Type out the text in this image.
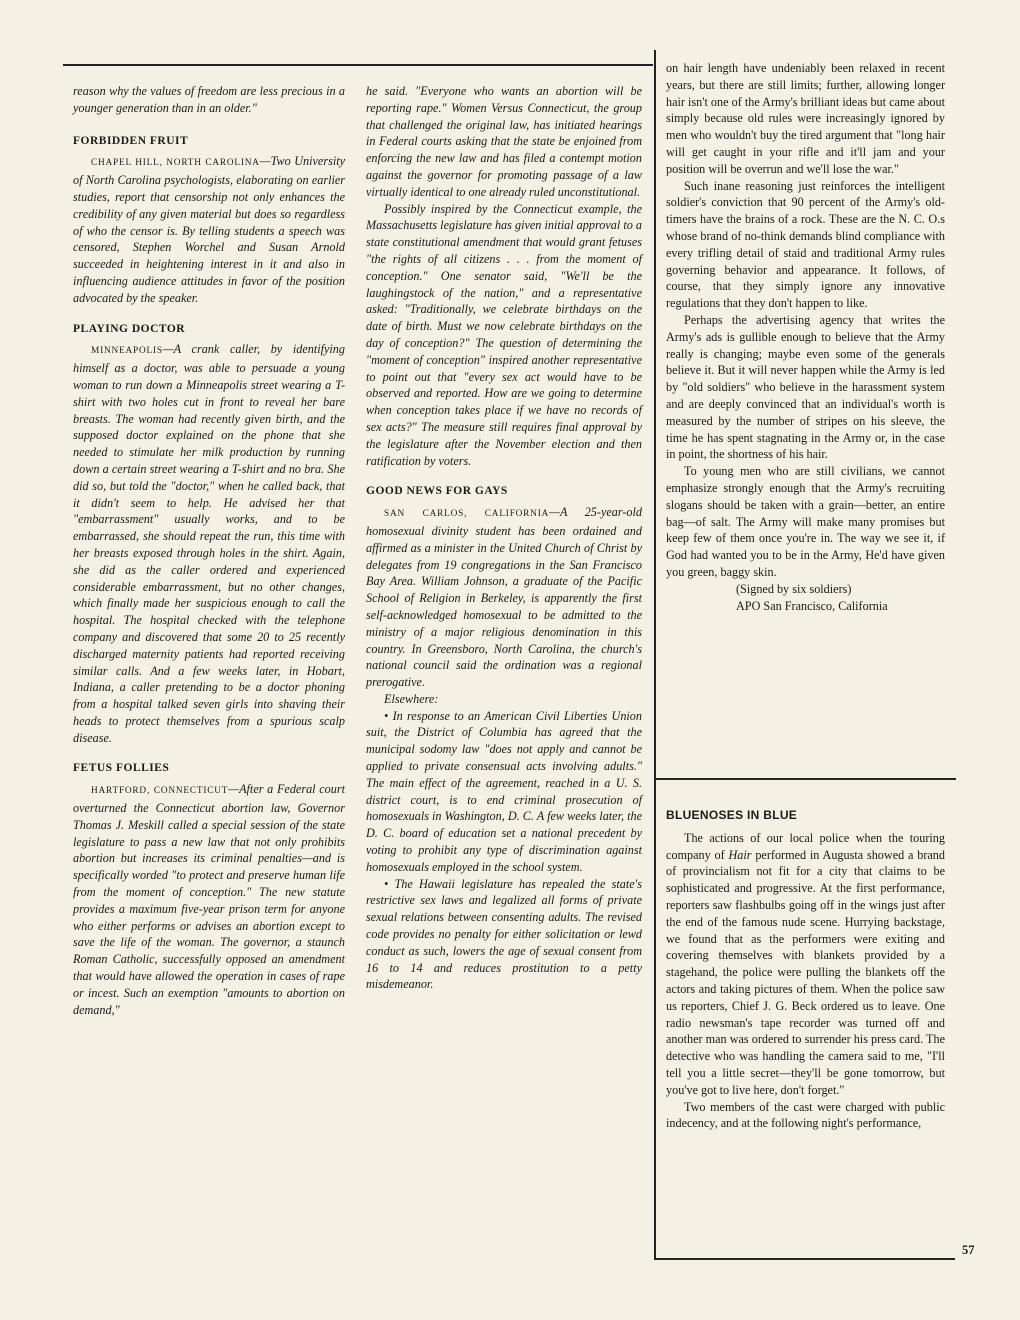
reason why the values of freedom are less precious in a younger generation than in an older."

FORBIDDEN FRUIT

CHAPEL HILL, NORTH CAROLINA—Two University of North Carolina psychologists, elaborating on earlier studies, report that censorship not only enhances the credibility of any given material but does so regardless of who the censor is. By telling students a speech was censored, Stephen Worchel and Susan Arnold succeeded in heightening interest in it and also in influencing audience attitudes in favor of the position advocated by the speaker.

PLAYING DOCTOR

MINNEAPOLIS—A crank caller, by identifying himself as a doctor, was able to persuade a young woman to run down a Minneapolis street wearing a T-shirt with two holes cut in front to reveal her bare breasts. The woman had recently given birth, and the supposed doctor explained on the phone that she needed to stimulate her milk production by running down a certain street wearing a T-shirt and no bra. She did so, but told the "doctor," when he called back, that it didn't seem to help. He advised her that "embarrassment" usually works, and to be embarrassed, she should repeat the run, this time with her breasts exposed through holes in the shirt. Again, she did as the caller ordered and experienced considerable embarrassment, but no other changes, which finally made her suspicious enough to call the hospital. The hospital checked with the telephone company and discovered that some 20 to 25 recently discharged maternity patients had reported receiving similar calls. And a few weeks later, in Hobart, Indiana, a caller pretending to be a doctor phoning from a hospital talked seven girls into shaving their heads to protect themselves from a spurious scalp disease.

FETUS FOLLIES

HARTFORD, CONNECTICUT—After a Federal court overturned the Connecticut abortion law, Governor Thomas J. Meskill called a special session of the state legislature to pass a new law that not only prohibits abortion but increases its criminal penalties—and is specifically worded "to protect and preserve human life from the moment of conception." The new statute provides a maximum five-year prison term for anyone who either performs or advises an abortion except to save the life of the woman. The governor, a staunch Roman Catholic, successfully opposed an amendment that would have allowed the operation in cases of rape or incest. Such an exemption "amounts to abortion on demand,"

he said. "Everyone who wants an abortion will be reporting rape." Women Versus Connecticut, the group that challenged the original law, has initiated hearings in Federal courts asking that the state be enjoined from enforcing the new law and has filed a contempt motion against the governor for promoting passage of a law virtually identical to one already ruled unconstitutional.

Possibly inspired by the Connecticut example, the Massachusetts legislature has given initial approval to a state constitutional amendment that would grant fetuses "the rights of all citizens . . . from the moment of conception." One senator said, "We'll be the laughingstock of the nation," and a representative asked: "Traditionally, we celebrate birthdays on the date of birth. Must we now celebrate birthdays on the day of conception?" The question of determining the "moment of conception" inspired another representative to point out that "every sex act would have to be observed and reported. How are we going to determine when conception takes place if we have no records of sex acts?" The measure still requires final approval by the legislature after the November election and then ratification by voters.

GOOD NEWS FOR GAYS

SAN CARLOS, CALIFORNIA—A 25-year-old homosexual divinity student has been ordained and affirmed as a minister in the United Church of Christ by delegates from 19 congregations in the San Francisco Bay Area. William Johnson, a graduate of the Pacific School of Religion in Berkeley, is apparently the first self-acknowledged homosexual to be admitted to the ministry of a major religious denomination in this country. In Greensboro, North Carolina, the church's national council said the ordination was a regional prerogative.

Elsewhere:

• In response to an American Civil Liberties Union suit, the District of Columbia has agreed that the municipal sodomy law "does not apply and cannot be applied to private consensual acts involving adults." The main effect of the agreement, reached in a U. S. district court, is to end criminal prosecution of homosexuals in Washington, D. C. A few weeks later, the D. C. board of education set a national precedent by voting to prohibit any type of discrimination against homosexuals employed in the school system.

• The Hawaii legislature has repealed the state's restrictive sex laws and legalized all forms of private sexual relations between consenting adults. The revised code provides no penalty for either solicitation or lewd conduct as such, lowers the age of sexual consent from 16 to 14 and reduces prostitution to a petty misdemeanor.

on hair length have undeniably been relaxed in recent years, but there are still limits; further, allowing longer hair isn't one of the Army's brilliant ideas but came about simply because old rules were increasingly ignored by men who wouldn't buy the tired argument that "long hair will get caught in your rifle and it'll jam and your position will be overrun and we'll lose the war."

Such inane reasoning just reinforces the intelligent soldier's conviction that 90 percent of the Army's old-timers have the brains of a rock. These are the N. C. O.s whose brand of no-think demands blind compliance with every trifling detail of staid and traditional Army rules governing behavior and appearance. It follows, of course, that they simply ignore any innovative regulations that they don't happen to like.

Perhaps the advertising agency that writes the Army's ads is gullible enough to believe that the Army really is changing; maybe even some of the generals believe it. But it will never happen while the Army is led by "old soldiers" who believe in the harassment system and are deeply convinced that an individual's worth is measured by the number of stripes on his sleeve, the time he has spent stagnating in the Army or, in the case in point, the shortness of his hair.

To young men who are still civilians, we cannot emphasize strongly enough that the Army's recruiting slogans should be taken with a grain—better, an entire bag—of salt. The Army will make many promises but keep few of them once you're in. The way we see it, if God had wanted you to be in the Army, He'd have given you green, baggy skin.

(Signed by six soldiers)

APO San Francisco, California

BLUENOSES IN BLUE

The actions of our local police when the touring company of Hair performed in Augusta showed a brand of provincialism not fit for a city that claims to be sophisticated and progressive. At the first performance, reporters saw flashbulbs going off in the wings just after the end of the famous nude scene. Hurrying backstage, we found that as the performers were exiting and covering themselves with blankets provided by a stagehand, the police were pulling the blankets off the actors and taking pictures of them. When the police saw us reporters, Chief J. G. Beck ordered us to leave. One radio newsman's tape recorder was turned off and another man was ordered to surrender his press card. The detective who was handling the camera said to me, "I'll tell you a little secret—they'll be gone tomorrow, but you've got to live here, don't forget."

Two members of the cast were charged with public indecency, and at the following night's performance,

57
